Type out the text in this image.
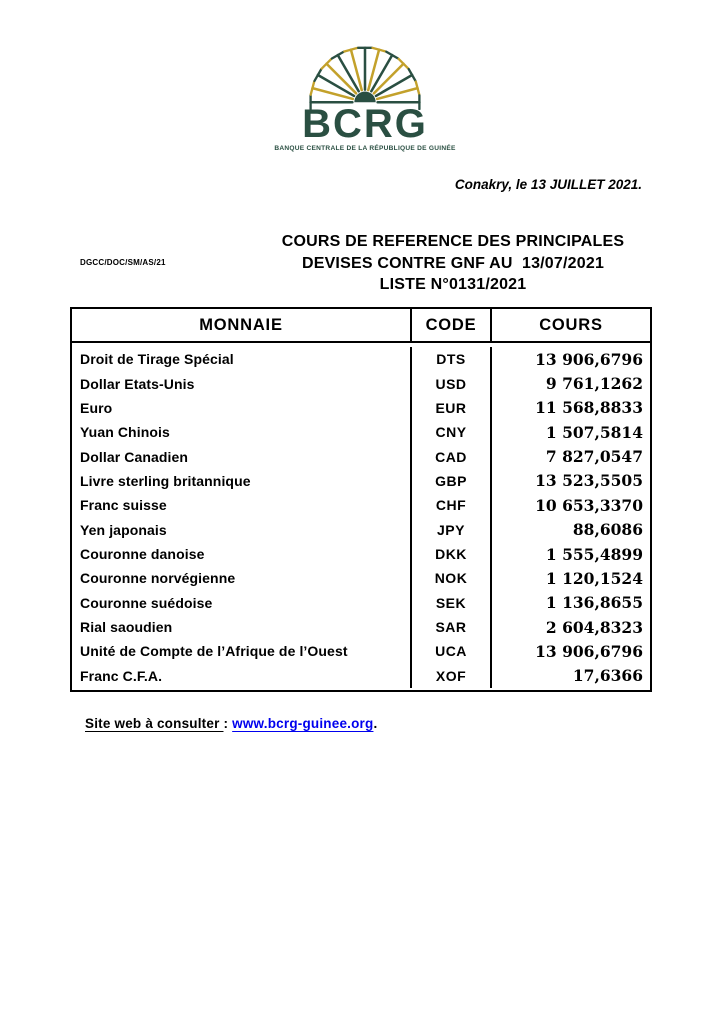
BCRG
BANQUE CENTRALE DE LA RÉPUBLIQUE DE GUINÉE
Conakry, le 13 JUILLET 2021.
DGCC/DOC/SM/AS/21
COURS DE REFERENCE DES PRINCIPALES
DEVISES CONTRE GNF AU  13/07/2021
LISTE N°0131/2021
MONNAIE	CODE	COURS
Droit de Tirage Spécial	DTS	13 906,6796
Dollar Etats-Unis	USD	9 761,1262
Euro	EUR	11 568,8833
Yuan Chinois	CNY	1 507,5814
Dollar Canadien	CAD	7 827,0547
Livre sterling britannique	GBP	13 523,5505
Franc suisse	CHF	10 653,3370
Yen japonais	JPY	88,6086
Couronne danoise	DKK	1 555,4899
Couronne norvégienne	NOK	1 120,1524
Couronne suédoise	SEK	1 136,8655
Rial saoudien	SAR	2 604,8323
Unité de Compte de l’Afrique de l’Ouest	UCA	13 906,6796
Franc C.F.A.	XOF	17,6366
Site web à consulter : www.bcrg-guinee.org.
